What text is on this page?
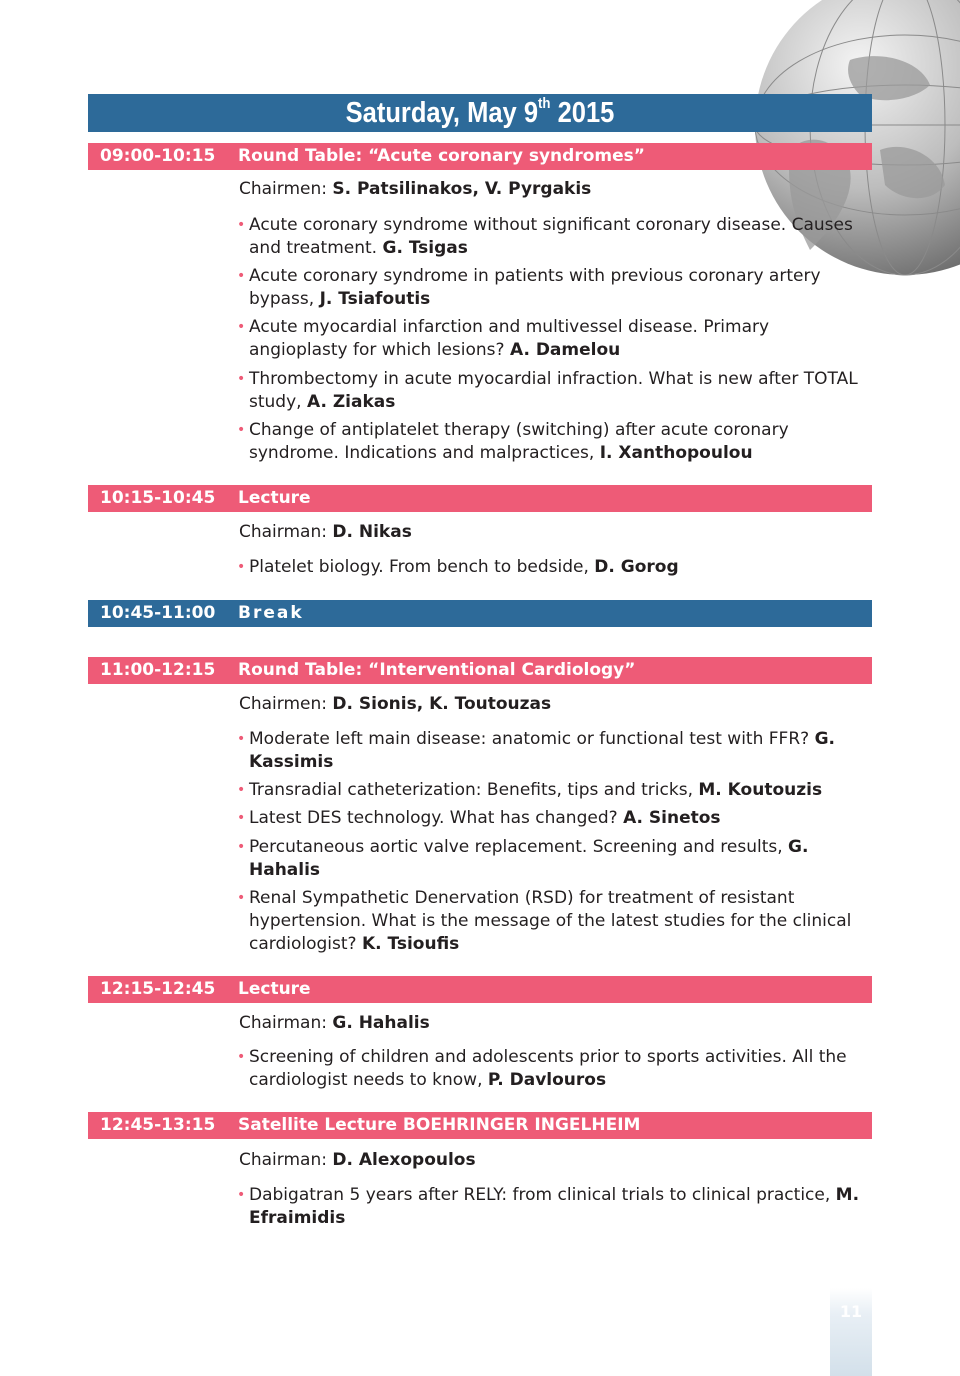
Saturday, May 9th 2015
09:00-10:15 Round Table: “Acute coronary syndromes”
Chairmen: S. Patsilinakos, V. Pyrgakis
• Acute coronary syndrome without significant coronary disease. Causes and treatment. G. Tsigas
• Acute coronary syndrome in patients with previous coronary artery bypass, J. Tsiafoutis
• Acute myocardial infarction and multivessel disease. Primary angioplasty for which lesions? A. Damelou
• Thrombectomy in acute myocardial infraction. What is new after TOTAL study, A. Ziakas
• Change of antiplatelet therapy (switching) after acute coronary syndrome. Indications and malpractices, I. Xanthopoulou
10:15-10:45 Lecture
Chairman: D. Nikas
• Platelet biology. From bench to bedside, D. Gorog
10:45-11:00 Break
11:00-12:15 Round Table: “Interventional Cardiology”
Chairmen: D. Sionis, K. Toutouzas
• Moderate left main disease: anatomic or functional test with FFR? G. Kassimis
• Transradial catheterization: Benefits, tips and tricks, M. Koutouzis
• Latest DES technology. What has changed? A. Sinetos
• Percutaneous aortic valve replacement. Screening and results, G. Hahalis
• Renal Sympathetic Denervation (RSD) for treatment of resistant hypertension. What is the message of the latest studies for the clinical cardiologist? K. Tsioufis
12:15-12:45 Lecture
Chairman: G. Hahalis
• Screening of children and adolescents prior to sports activities. All the cardiologist needs to know, P. Davlouros
12:45-13:15 Satellite Lecture BOEHRINGER INGELHEIM
Chairman: D. Alexopoulos
• Dabigatran 5 years after RELY: from clinical trials to clinical practice, M. Efraimidis
11
